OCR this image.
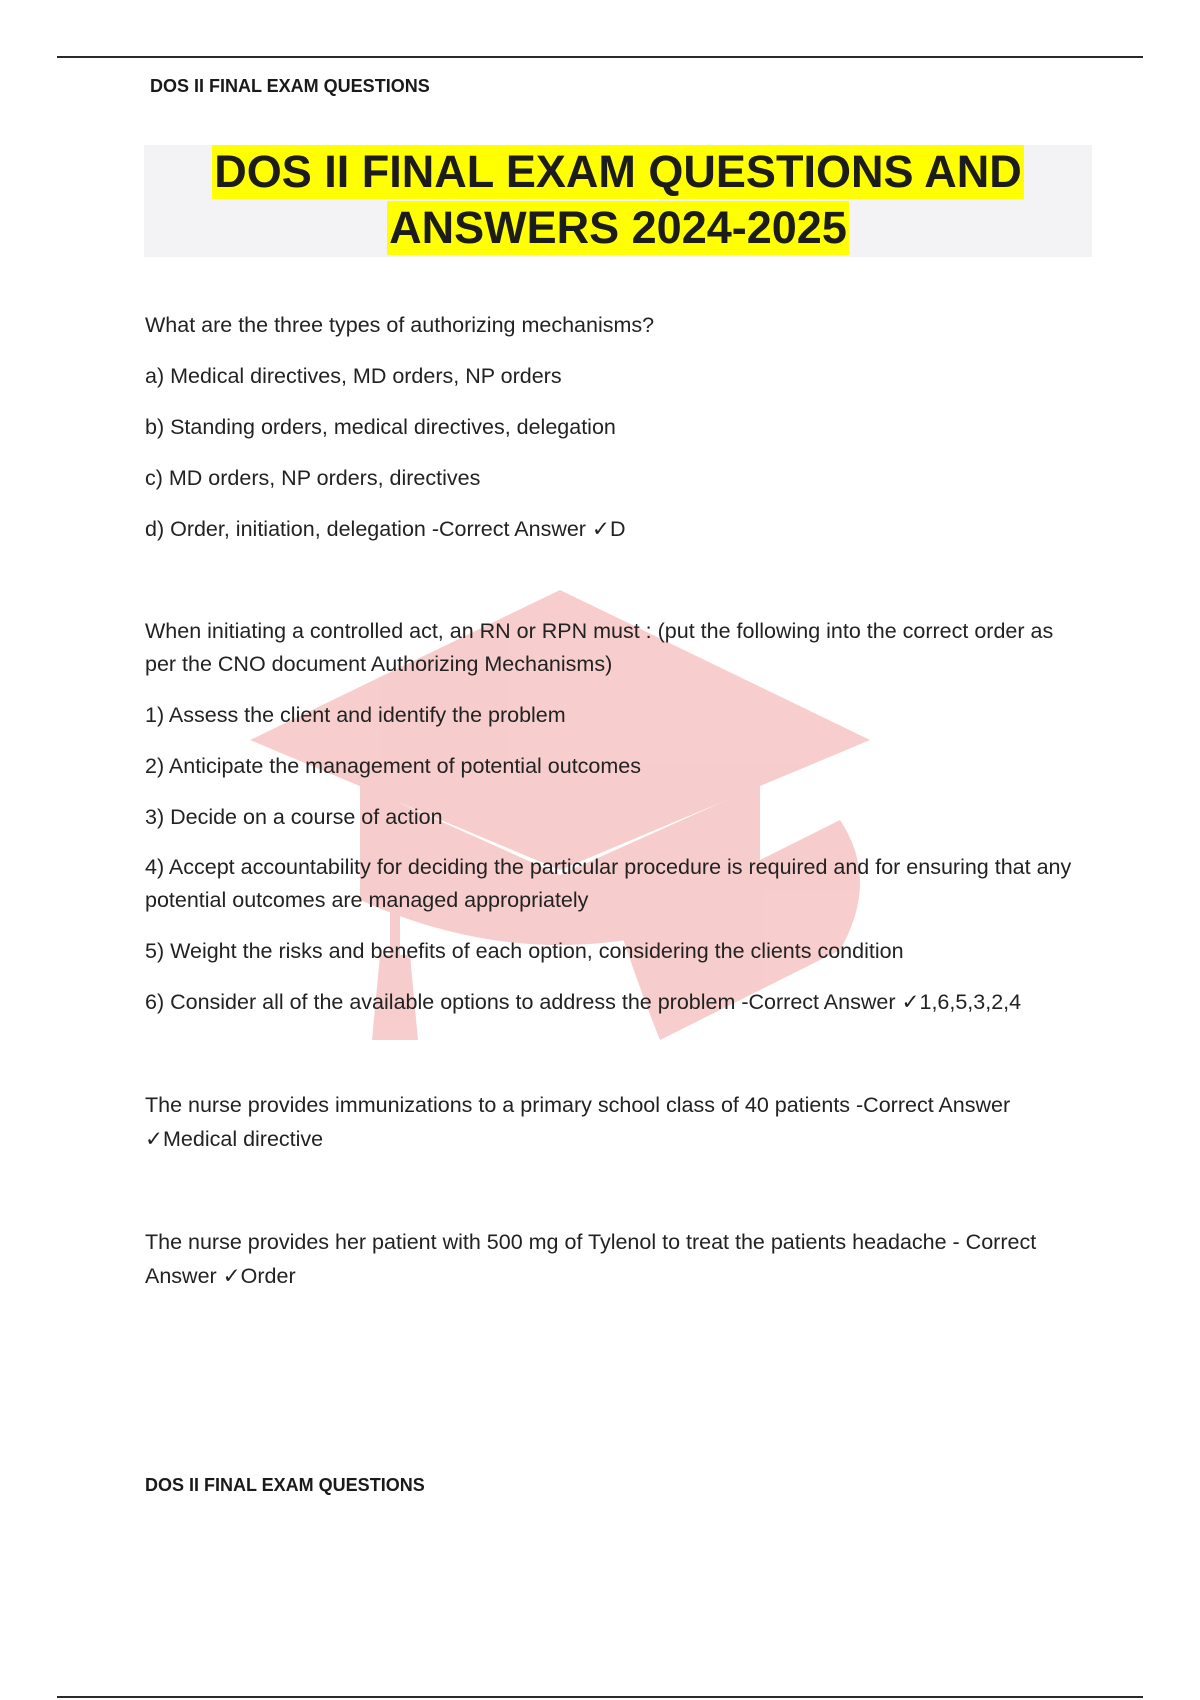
DOS II FINAL EXAM QUESTIONS
DOS II FINAL EXAM QUESTIONS AND
ANSWERS 2024-2025

What are the three types of authorizing mechanisms?

a) Medical directives, MD orders, NP orders

b) Standing orders, medical directives, delegation

c) MD orders, NP orders, directives

d) Order, initiation, delegation -Correct Answer ✓D

When initiating a controlled act, an RN or RPN must : (put the following into the correct order as per the CNO document Authorizing Mechanisms)

1) Assess the client and identify the problem

2) Anticipate the management of potential outcomes

3) Decide on a course of action

4) Accept accountability for deciding the particular procedure is required and for ensuring that any potential outcomes are managed appropriately

5) Weight the risks and benefits of each option, considering the clients condition

6) Consider all of the available options to address the problem -Correct Answer ✓1,6,5,3,2,4

The nurse provides immunizations to a primary school class of 40 patients -Correct Answer ✓Medical directive

The nurse provides her patient with 500 mg of Tylenol to treat the patients headache - Correct Answer ✓Order

DOS II FINAL EXAM QUESTIONS
